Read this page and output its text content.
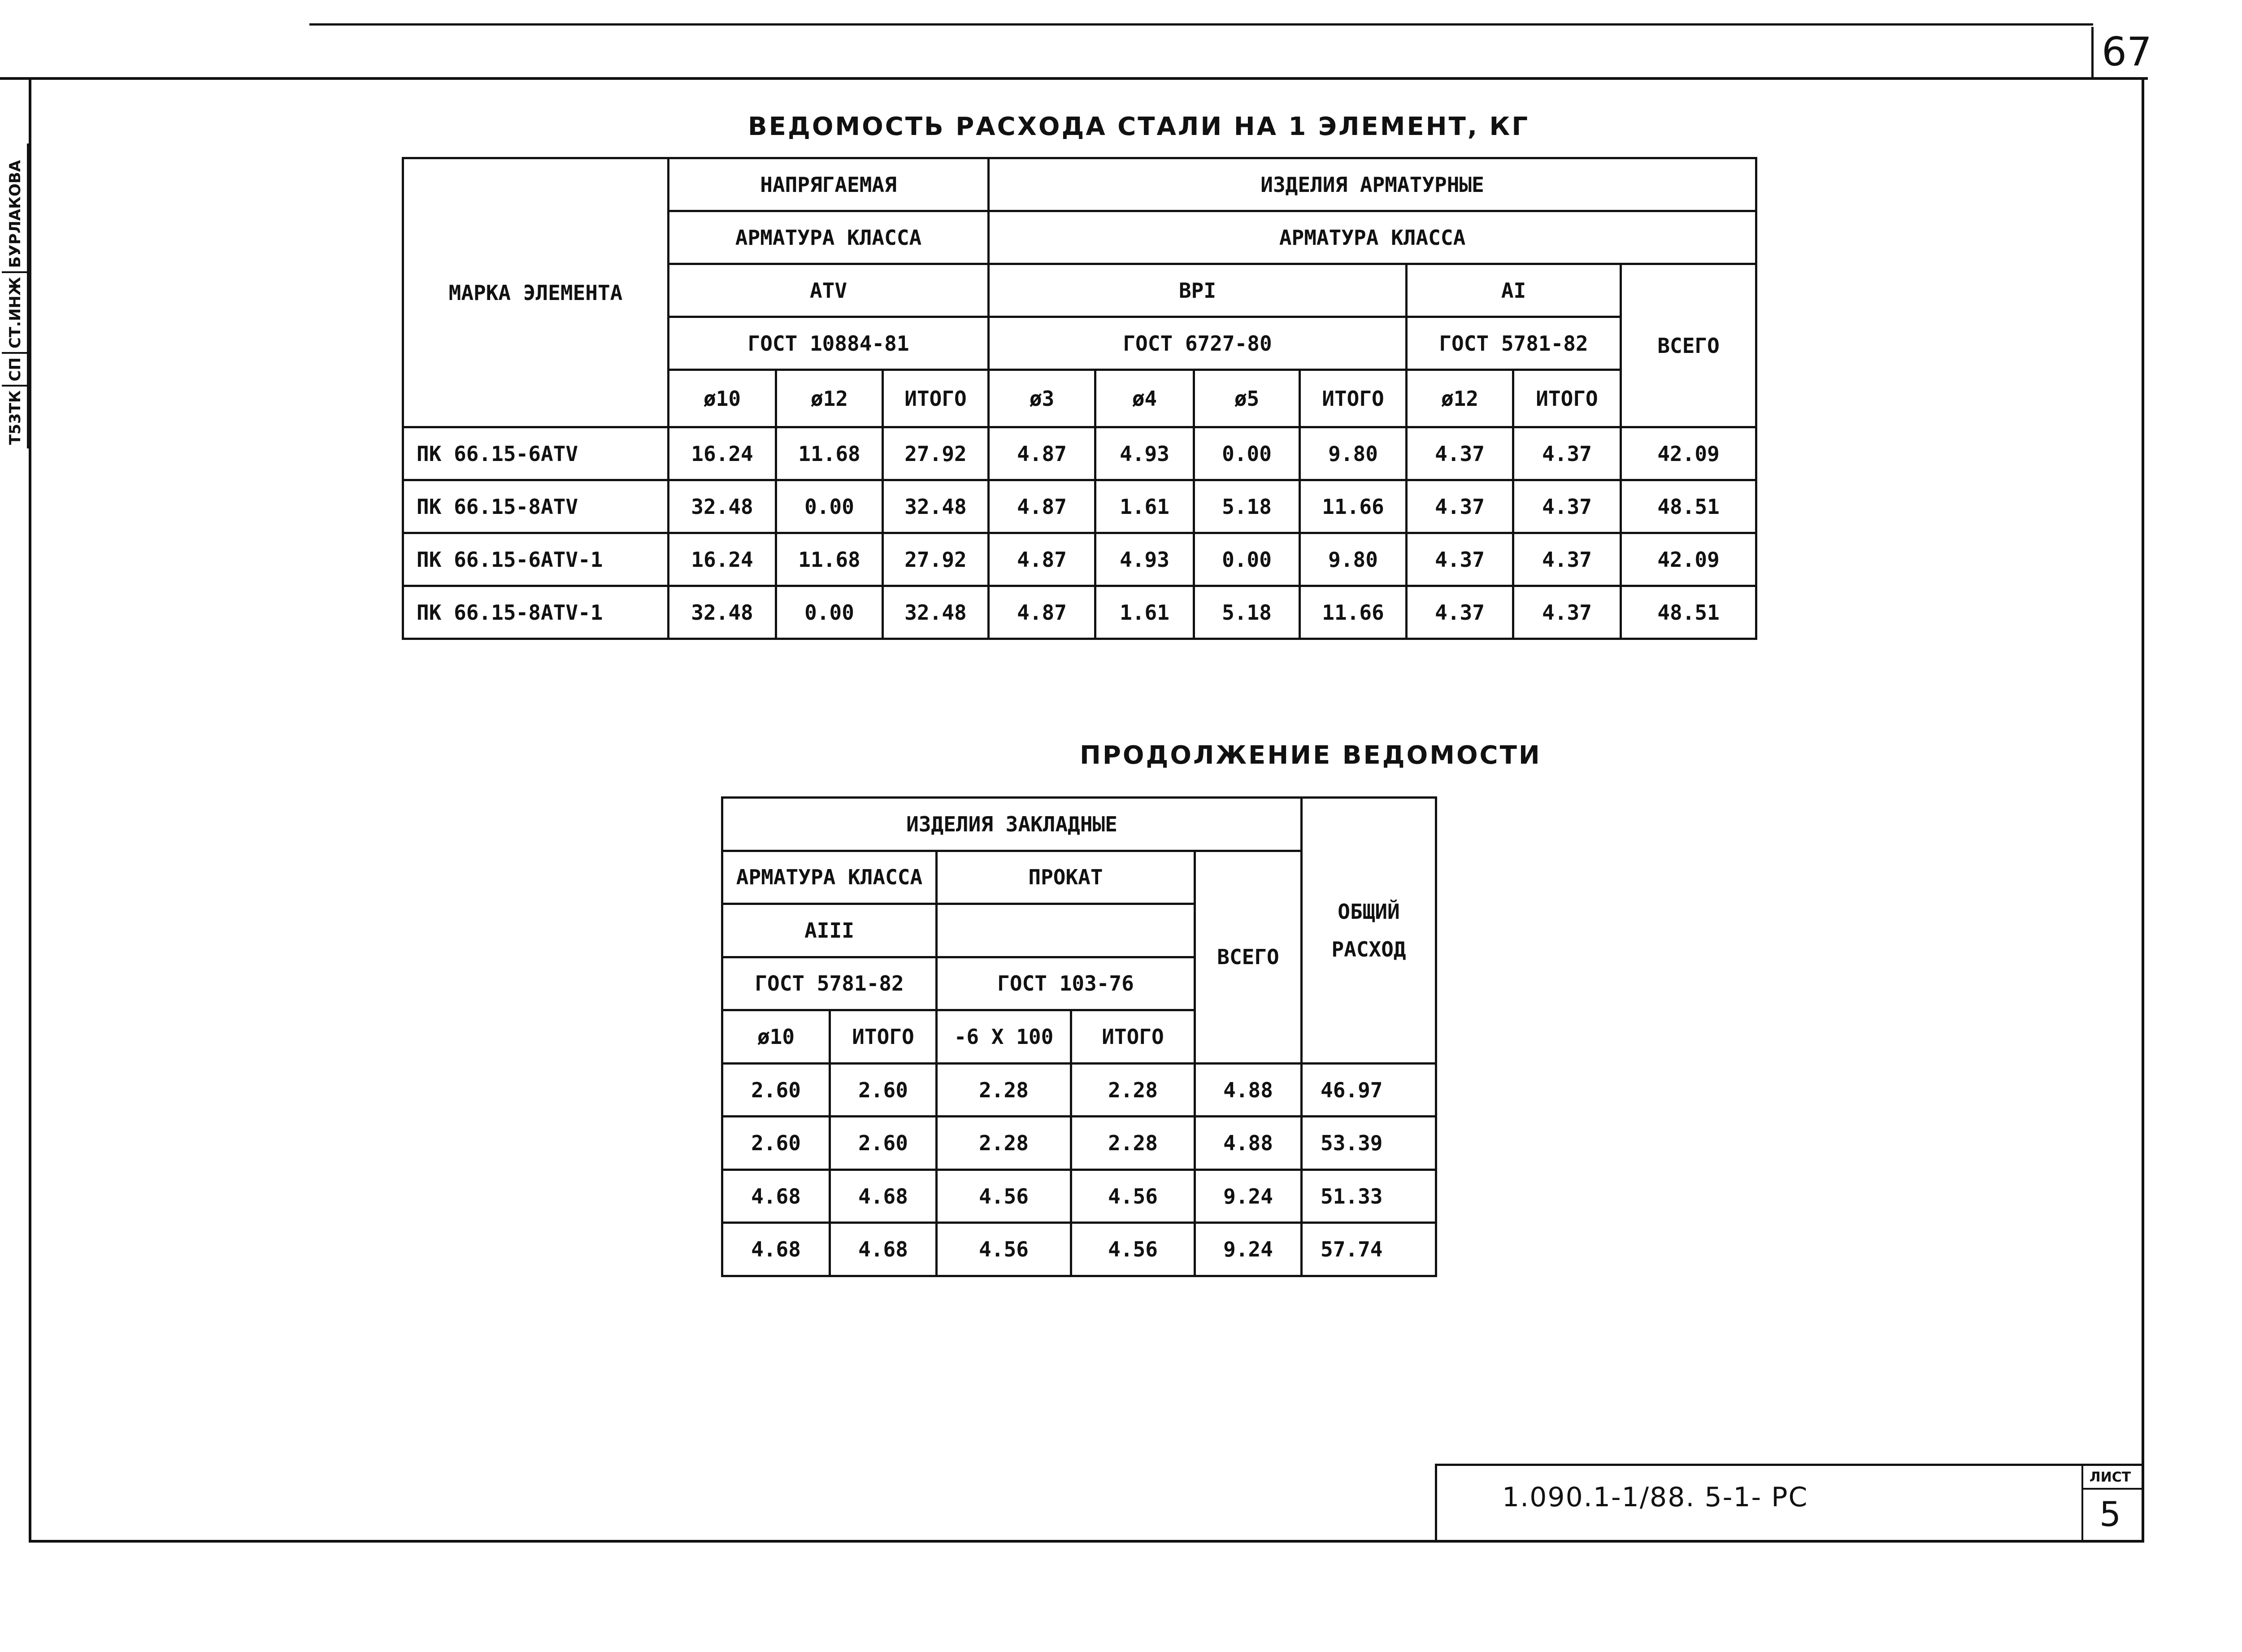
67
Т53ТКСПСТ.ИНЖБУРЛАКОВА
ВЕДОМОСТЬ РАСХОДА СТАЛИ НА 1 ЭЛЕМЕНТ, КГ
МАРКА ЭЛЕМЕНТА	НАПРЯГАЕМАЯ			ИЗДЕЛИЯ АРМАТУРНЫЕ						
	АРМАТУРА КЛАССА			АРМАТУРА КЛАССА						
	АТV			ВРI				АI		ВСЕГО
	ГОСТ 10884-81			ГОСТ 6727-80				ГОСТ 5781-82		
	ø10	ø12	ИТОГО	ø3	ø4	ø5	ИТОГО	ø12	ИТОГО	
ПК 66.15-6АТV	16.24	11.68	27.92	4.87	4.93	0.00	9.80	4.37	4.37	42.09
ПК 66.15-8АТV	32.48	0.00	32.48	4.87	1.61	5.18	11.66	4.37	4.37	48.51
ПК 66.15-6АТV-1	16.24	11.68	27.92	4.87	4.93	0.00	9.80	4.37	4.37	42.09
ПК 66.15-8АТV-1	32.48	0.00	32.48	4.87	1.61	5.18	11.66	4.37	4.37	48.51
ПРОДОЛЖЕНИЕ ВЕДОМОСТИ
ИЗДЕЛИЯ ЗАКЛАДНЫЕ					ОБЩИЙ
РАСХОД

АРМАТУРА КЛАССА		ПРОКАТ		ВСЕГО	
АIII					
ГОСТ 5781-82		ГОСТ 103-76			
ø10	ИТОГО	-6 X 100	ИТОГО		
2.60	2.60	2.28	2.28	4.88	46.97
2.60	2.60	2.28	2.28	4.88	53.39
4.68	4.68	4.56	4.56	9.24	51.33
4.68	4.68	4.56	4.56	9.24	57.74
1.090.1-1/88. 5-1- РС
ЛИСТ
5
